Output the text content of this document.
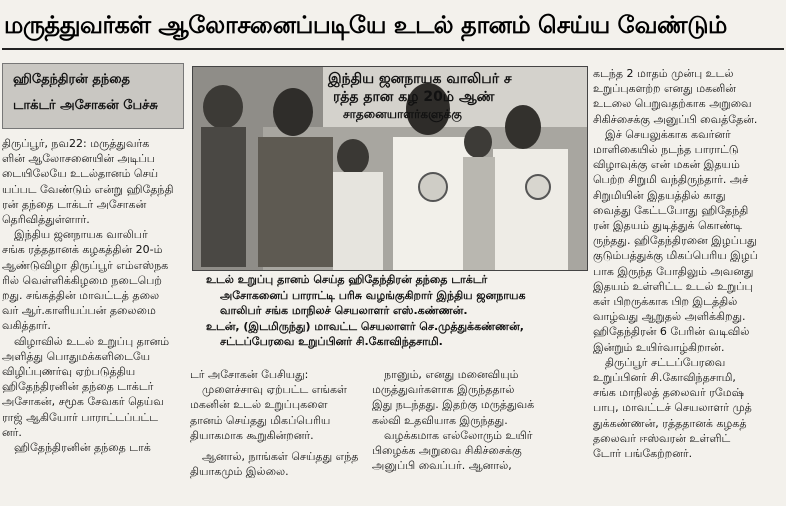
மருத்துவர்கள் ஆலோசனைப்படியே உடல் தானம் செய்ய வேண்டும்
ஹிதேந்திரன் தந்தை
டாக்டர் அசோகன் பேச்சு

திருப்பூர், நவ22: மருத்துவர்க

ளின் ஆலோசனையின் அடிப்ப

டையிலேயே உடல்தானம் செய்

யப்பட வேண்டும் என்று ஹிதேந்தி

ரன் தந்தை டாக்டர் அசோகன்

தெரிவித்துள்ளார்.

இந்திய ஜனநாயக வாலிபர்

சங்க ரத்ததானக் கழகத்தின் 20-ம்

ஆண்டுவிழா திருப்பூர் எம்எஸ்நக

ரில் வெள்ளிக்கிழமை நடைபெற்

றது. சங்கத்தின் மாவட்டத் தலை

வர் ஆர்.காளியப்பன் தலைமை

வகித்தார்.

விழாவில் உடல் உறுப்பு தானம்

அளித்து பொதுமக்களிடையே

விழிப்புணர்வு ஏற்படுத்திய

ஹிதேந்திரனின் தந்தை டாக்டர்

அசோகன், சமூக சேவகர் தெய்வ

ராஜ் ஆகியோர் பாராட்டப்பட்ட

னர்.

ஹிதேந்திரனின் தந்தை டாக்

இந்திய ஜனநாயக வாலிபர் ச
ரத்த தான கழ 20ம் ஆண்
சாதனையாளர்களுக்கு

உடல் உறுப்பு தானம் செய்த ஹிதேந்திரன் தந்தை டாக்டர்

அசோகனைப் பாராட்டி பரிசு வழங்குகிறார் இந்திய ஜனநாயக

வாலிபர் சங்க மாநிலச் செயலாளர் எஸ்.கண்ணன்.

உடன், (இடமிருந்து) மாவட்ட செயலாளர் செ.முத்துக்கண்ணன்,

சட்டப்பேரவை உறுப்பினர் சி.கோவிந்தசாமி.

டர் அசோகன் பேசியது:

முளைச்சாவு ஏற்பட்ட எங்கள்

மகனின் உடல் உறுப்புகளை

தானம் செய்தது மிகப்பெரிய

தியாகமாக கூறுகின்றனர்.

ஆனால், நாங்கள் செய்தது எந்த

தியாகமும் இல்லை.

நானும், எனது மனைவியும்

மருத்துவர்களாக இருந்ததால்

இது நடந்தது. இதற்கு மருத்துவக்

கல்வி உதவியாக இருந்தது.

வழக்கமாக எல்லோரும் உயிர்

பிழைக்க அறுவை சிகிச்சைக்கு

அனுப்பி வைப்பர். ஆனால்,

கடந்த 2 மாதம் முன்பு உடல்

உறுப்புகளற்ற எனது மகனின்

உடலை பெறுவதற்காக அறுவை

சிகிச்சைக்கு அனுப்பி வைத்தேன்.

இச் செயலுக்காக கவர்னர்

மாளிகையில் நடந்த பாராட்டு

விழாவுக்கு என் மகன் இதயம்

பெற்ற சிறுமி வந்திருந்தார். அச்

சிறுமியின் இதயத்தில் காது

வைத்து கேட்டபோது ஹிதேந்தி

ரன் இதயம் துடித்துக் கொண்டி

ருந்தது. ஹிதேந்திரனை இழப்பது

குடும்பத்துக்கு மிகப்பெரிய இழப்

பாக இருந்த போதிலும் அவனது

இதயம் உள்ளிட்ட உடல் உறுப்பு

கள் பிறருக்காக பிற இடத்தில்

வாழ்வது ஆறுதல் அளிக்கிறது.

ஹிதேந்திரன் 6 பேரின் வடிவில்

இன்றும் உயிர்வாழ்கிறான்.

திருப்பூர் சட்டப்பேரவை

உறுப்பினர் சி.கோவிந்தசாமி,

சங்க மாநிலத் தலைவர் ரமேஷ்

பாபு, மாவட்டச் செயலாளர் முத்

துக்கண்ணன், ரத்ததானக் கழகத்

தலைவர் ஈஸ்வரன் உள்ளிட்

டோர் பங்கேற்றனர்.
